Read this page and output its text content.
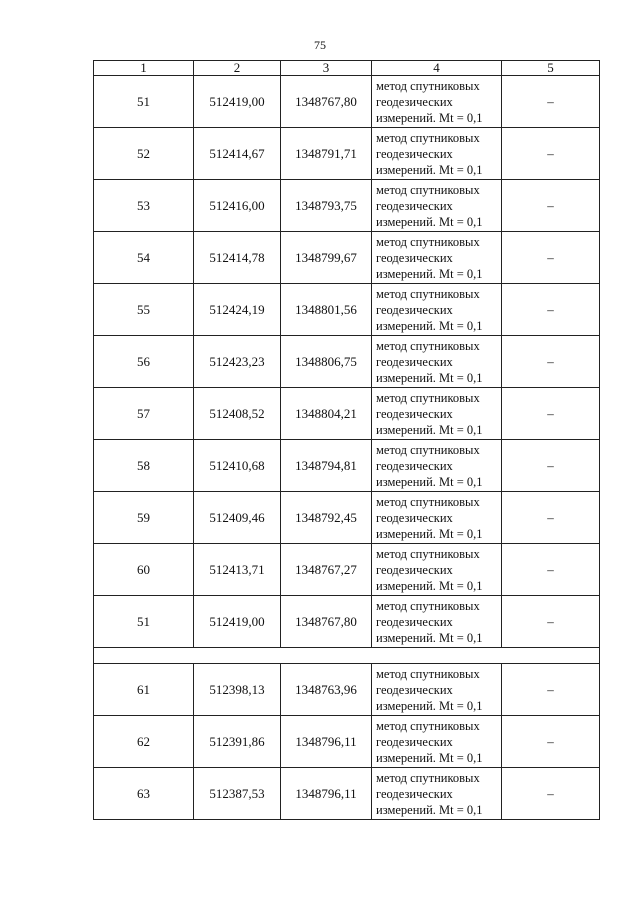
75
1	2	3	4	5
51	512419,00	1348767,80	метод спутниковых
геодезических
измерений. Mt = 0,1	–
52	512414,67	1348791,71	метод спутниковых
геодезических
измерений. Mt = 0,1	–
53	512416,00	1348793,75	метод спутниковых
геодезических
измерений. Mt = 0,1	–
54	512414,78	1348799,67	метод спутниковых
геодезических
измерений. Mt = 0,1	–
55	512424,19	1348801,56	метод спутниковых
геодезических
измерений. Mt = 0,1	–
56	512423,23	1348806,75	метод спутниковых
геодезических
измерений. Mt = 0,1	–
57	512408,52	1348804,21	метод спутниковых
геодезических
измерений. Mt = 0,1	–
58	512410,68	1348794,81	метод спутниковых
геодезических
измерений. Mt = 0,1	–
59	512409,46	1348792,45	метод спутниковых
геодезических
измерений. Mt = 0,1	–
60	512413,71	1348767,27	метод спутниковых
геодезических
измерений. Mt = 0,1	–
51	512419,00	1348767,80	метод спутниковых
геодезических
измерений. Mt = 0,1	–

61	512398,13	1348763,96	метод спутниковых
геодезических
измерений. Mt = 0,1	–
62	512391,86	1348796,11	метод спутниковых
геодезических
измерений. Mt = 0,1	–
63	512387,53	1348796,11	метод спутниковых
геодезических
измерений. Mt = 0,1	–
